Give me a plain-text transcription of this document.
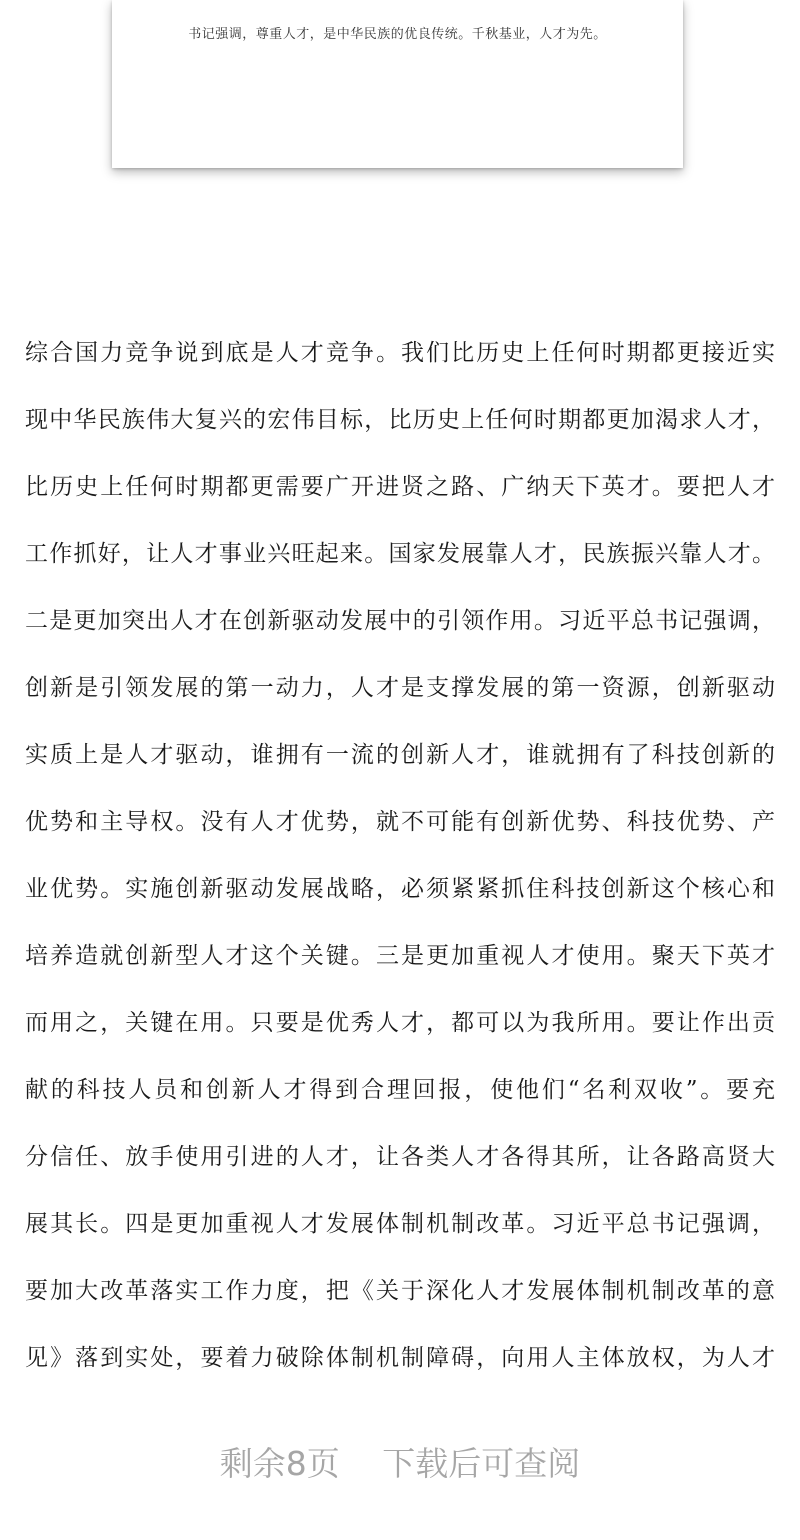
书记强调，尊重人才，是中华民族的优良传统。千秋基业，人才为先。
综合国力竞争说到底是人才竞争。我们比历史上任何时期都更接近实
现中华民族伟大复兴的宏伟目标，比历史上任何时期都更加渴求人才，
比历史上任何时期都更需要广开进贤之路、广纳天下英才。要把人才
工作抓好，让人才事业兴旺起来。国家发展靠人才，民族振兴靠人才。
二是更加突出人才在创新驱动发展中的引领作用。习近平总书记强调，
创新是引领发展的第一动力，人才是支撑发展的第一资源，创新驱动
实质上是人才驱动，谁拥有一流的创新人才，谁就拥有了科技创新的
优势和主导权。没有人才优势，就不可能有创新优势、科技优势、产
业优势。实施创新驱动发展战略，必须紧紧抓住科技创新这个核心和
培养造就创新型人才这个关键。三是更加重视人才使用。聚天下英才
而用之，关键在用。只要是优秀人才，都可以为我所用。要让作出贡
献的科技人员和创新人才得到合理回报，使他们“名利双收”。要充
分信任、放手使用引进的人才，让各类人才各得其所，让各路高贤大
展其长。四是更加重视人才发展体制机制改革。习近平总书记强调，
要加大改革落实工作力度，把《关于深化人才发展体制机制改革的意
见》落到实处，要着力破除体制机制障碍，向用人主体放权，为人才
剩余8页 下载后可查阅
